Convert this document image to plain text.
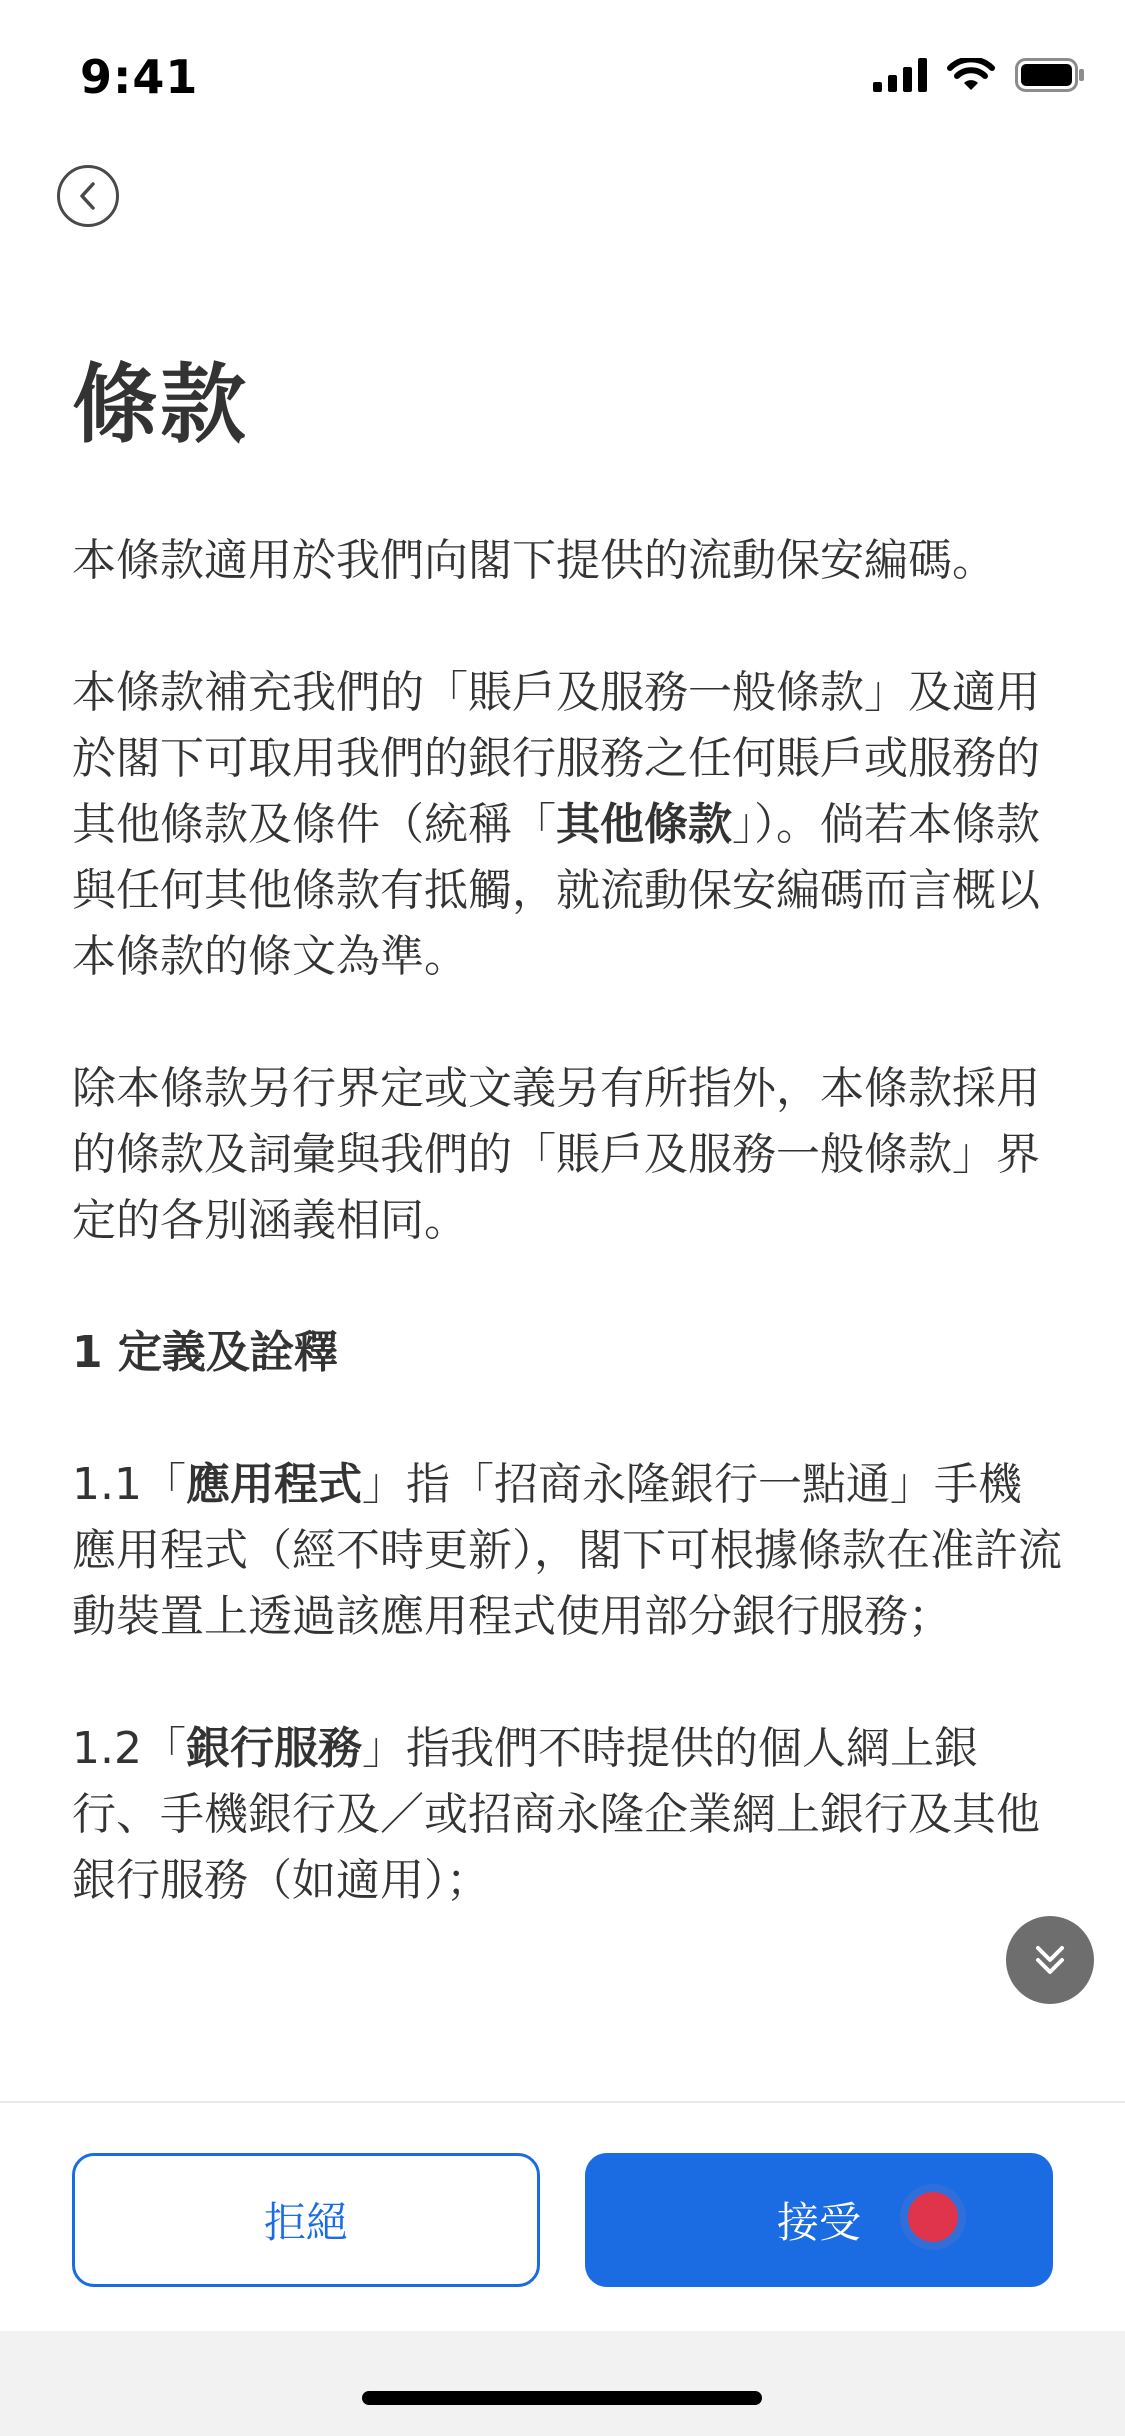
9:41
條款

本條款適用於我們向閣下提供的流動保安編碼。

本條款補充我們的「賬戶及服務一般條款」及適用於閣下可取用我們的銀行服務之任何賬戶或服務的其他條款及條件（統稱「其他條款」）。倘若本條款與任何其他條款有抵觸，就流動保安編碼而言概以本條款的條文為準。

除本條款另行界定或文義另有所指外，本條款採用的條款及詞彙與我們的「賬戶及服務一般條款」界定的各別涵義相同。

1 定義及詮釋

1.1「應用程式」指「招商永隆銀行一點通」手機應用程式（經不時更新），閣下可根據條款在准許流動裝置上透過該應用程式使用部分銀行服務；

1.2「銀行服務」指我們不時提供的個人網上銀行、手機銀行及／或招商永隆企業網上銀行及其他銀行服務（如適用）；

拒絕	接受
